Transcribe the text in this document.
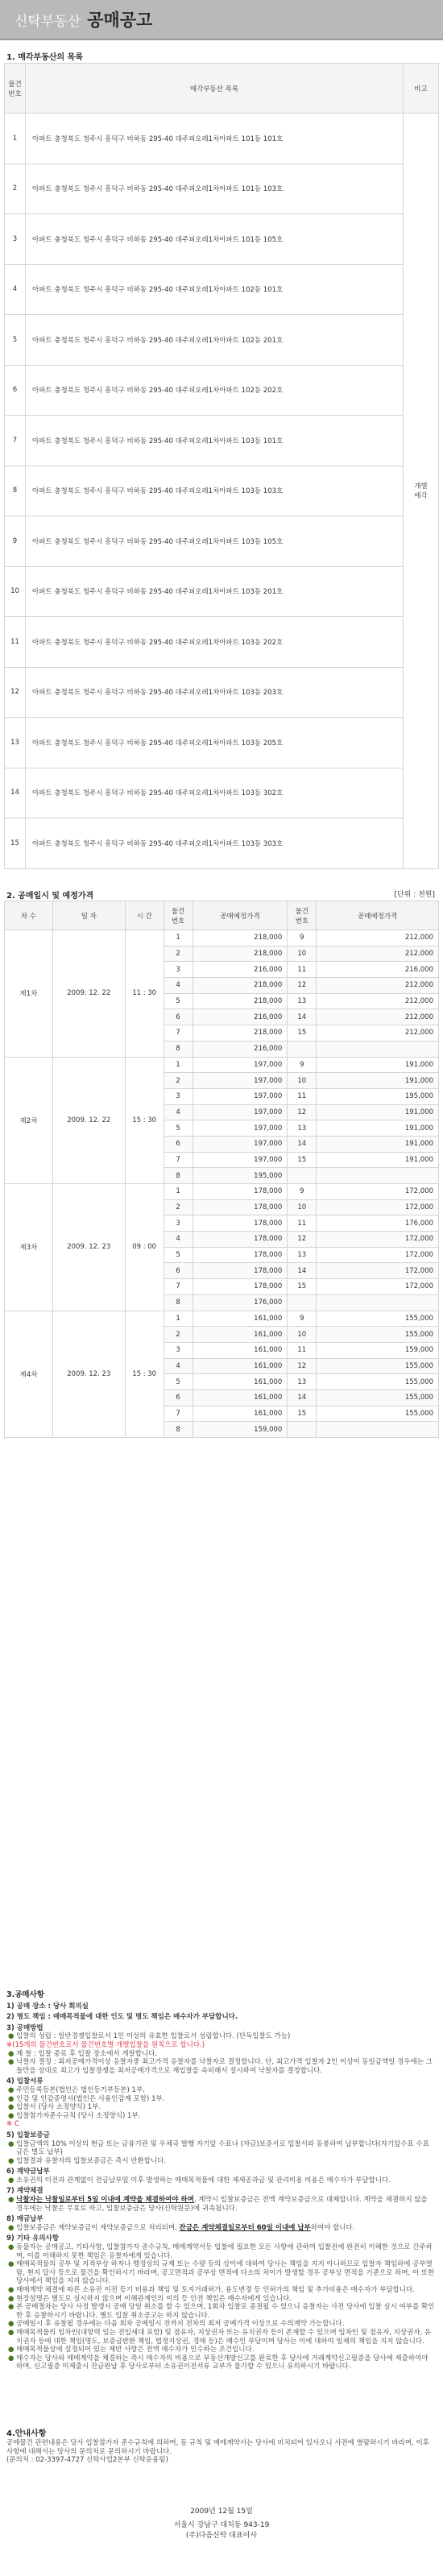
신탁부동산 공매공고
1. 매각부동산의 목록
물건
번호	매각부동산 목록	비고
1	아파트 충청북도 청주시 흥덕구 비하동 295-40 대주피오레1차아파트 101동 101호	개별
매각
2	아파트 충청북도 청주시 흥덕구 비하동 295-40 대주피오레1차아파트 101동 103호	
3	아파트 충청북도 청주시 흥덕구 비하동 295-40 대주피오레1차아파트 101동 105호	
4	아파트 충청북도 청주시 흥덕구 비하동 295-40 대주피오레1차아파트 102동 101호	
5	아파트 충청북도 청주시 흥덕구 비하동 295-40 대주피오레1차아파트 102동 201호	
6	아파트 충청북도 청주시 흥덕구 비하동 295-40 대주피오레1차아파트 102동 202호	
7	아파트 충청북도 청주시 흥덕구 비하동 295-40 대주피오레1차아파트 103동 101호	
8	아파트 충청북도 청주시 흥덕구 비하동 295-40 대주피오레1차아파트 103동 103호	
9	아파트 충청북도 청주시 흥덕구 비하동 295-40 대주피오레1차아파트 103동 105호	
10	아파트 충청북도 청주시 흥덕구 비하동 295-40 대주피오레1차아파트 103동 201호	
11	아파트 충청북도 청주시 흥덕구 비하동 295-40 대주피오레1차아파트 103동 202호	
12	아파트 충청북도 청주시 흥덕구 비하동 295-40 대주피오레1차아파트 103동 203호	
13	아파트 충청북도 청주시 흥덕구 비하동 295-40 대주피오레1차아파트 103동 205호	
14	아파트 충청북도 청주시 흥덕구 비하동 295-40 대주피오레1차아파트 103동 302호	
15	아파트 충청북도 청주시 흥덕구 비하동 295-40 대주피오레1차아파트 103동 303호	
2. 공매일시 및 예정가격	[단위 : 천원]
차 수	일 자	시 간	물건
번호	공매예정가격	물건
번호	공매예정가격
제1차	2009. 12. 22	11 : 30	1	218,000	9	212,000
			2	218,000	10	212,000
			3	216,000	11	216,000
			4	218,000	12	212,000
			5	218,000	13	212,000
			6	216,000	14	212,000
			7	218,000	15	212,000
			8	216,000		
제2차	2009. 12. 22	15 : 30	1	197,000	9	191,000
			2	197,000	10	191,000
			3	197,000	11	195,000
			4	197,000	12	191,000
			5	197,000	13	191,000
			6	197,000	14	191,000
			7	197,000	15	191,000
			8	195,000		
제3차	2009. 12. 23	09 : 00	1	178,000	9	172,000
			2	178,000	10	172,000
			3	178,000	11	176,000
			4	178,000	12	172,000
			5	178,000	13	172,000
			6	178,000	14	172,000
			7	178,000	15	172,000
			8	176,000		
제4차	2009. 12. 23	15 : 30	1	161,000	9	155,000
			2	161,000	10	155,000
			3	161,000	11	159,000
			4	161,000	12	155,000
			5	161,000	13	155,000
			6	161,000	14	155,000
			7	161,000	15	155,000
			8	159,000		
3.공매사항
1) 공매 장소 : 당사 회의실
2) 명도 책임 : 매매목적물에 대한 인도 및 명도 책임은 매수자가 부담합니다.
3) 공매방법
● 입찰의 성립 : 일반경쟁입찰로서 1인 이상의 유효한 입찰로서 성립합니다. (단독입찰도 가능)
※(15개의 물건번호로서 물건번호별 개별입찰을 원칙으로 합니다.)
● 계 찰 : 입찰 종료 후 입찰 장소에서 개찰합니다.
● 낙찰자 결정 : 최저공매가격이상 응찰자중 최고가격 응찰자를 낙찰자로 결정합니다. 단, 최고가격 입찰자 2인 이상이 동일금액일 경우에는 그들만을 상대로 최고가 입찰경쟁을 최저공매가격으로 재입찰을 속히해서 설시하여 낙찰자를 결정합니다.
4) 입찰서류
● 주민등록등본(법인은 법인등기부등본) 1부.
● 인감 및 인감증명서(법인은 사용인감계 포함) 1부.
● 입찰서 (당사 소정양식) 1부.
● 입찰참가자준수규칙 (당사 소정양식) 1부.
※ C
5) 입찰보증금
● 입찰금액의 10% 이상의 현금 또는 금융기관 및 우체국 발행 자기앞 수표나 (자금)보증서로 입찰서와 동봉하여 납부합니다(자기앞수표 수표금은 별도 납부)
● 입찰결과 유찰자의 입찰보증금은 즉시 반환합니다.
6) 계약금납부
● 소유권의 이전과 관계없이 전금납부일 이후 발생하는 매매목적물에 대한 제세공과금 및 관리비용 비용은 매수자가 부담합니다.
7) 계약체결
● 낙찰자는 낙찰일로부터 5일 이내에 계약을 체결하여야 하며, 계약시 입찰보증금은 전액 계약보증금으로 대체합니다. 계약을 체결하지 않을 경우에는 낙찰은 무효로 하고, 입찰보증금은 당사(신탁원문)에 귀속됩니다.
8) 매금납부
● 입찰보증금은 계약보증금이 계약보증금으로 처리되며, 잔금은 계약체결일로부터 60일 이내에 납부하여야 합니다.
9) 기타 유의사항
● 동물자는 공매공고, 기타사항, 입찰참가자 준수규칙, 매매계약서등 입찰에 필요한 모든 사항에 관하여 입찰전에 완전히 이해한 것으로 간주하며, 이를 이해하지 못한 책임은 응찰자에게 있습니다.
● 매매목적물의 공부 및 지적부상 하자나 행정상의 규제 또는 수량 등의 상이에 대하여 당사는 책임을 지지 아니하므로 입찰자 책임하에 공부열람, 현지 답사 등으로 물건을 확인하시기 바라며, 공고면적과 공부상 면적에 다소의 차이가 발생할 경우 공부상 면적을 기준으로 하며, 이 또한 당사에서 책임을 지지 않습니다.
● 매매계약 체결에 따른 소유권 이전 등기 비용과 책임 및 토지거래허가, 용도변경 등 인허가의 책임 및 추가비용은 매수자가 부담합니다.
● 현장설명은 별도로 실시하지 않으며 이해관계인의 이의 등 안전 책임은 매수자에게 있습니다.
● 본 공매절차는 당사 사정 발생시 공매 당일 취소를 할 수 있으며, 1회차 입찰로 종결될 수 있으니 응찰자는 사전 당사에 입찰 실시 여부를 확인한 후 응찰하시기 바랍니다. 별도 입찰 취소공고는 하지 않습니다.
● 공매일시 후 유찰될 경우에는 다음 회차 공매일시 전까지 전차의 최저 공매가격 이상으로 수의계약 가능합니다.
● 매매목적물의 임차인(대항력 있는 전입세대 포함) 및 점유자, 지상권자 또는 유치권자 등이 존재할 수 있으며 임차인 및 점유자, 지상권자, 유치권자 등에 대한 책임(명도, 보증금반환 책임, 법정지상권, 경매 등)은 매수인 부담이며 당사는 이에 대하여 일체의 책임을 지지 않습니다.
● 매매목적물상에 설정되어 있는 제반 사항은 전액 매수자가 인수하는 조건입니다.
● 매수자는 당사와 매매계약을 체결하는 즉시 매수자의 비용으로 부동산개발신고를 완료한 후 당사에 거래계약신고필증을 당사에 제출하여야 하며, 신고필증 미제출시 잔금완납 후 당사로부터 소유권이전서류 교부가 불가할 수 있으니 유의하시기 바랍니다.
4.안내사항
공매물건 관련내용은 당사 입찰참가자 준수규칙에 의하며, 동 규칙 및 매매계약서는 당사에 비치되어 있사오니 사전에 열람하시기 바라며, 이후 사항에 대해서는 당사의 문의처로 문의하시기 바랍니다.
(문의처 : 02-3397-4727 신탁사업2본부 신탁운용팀)
2009년 12월 15일
서울시 강남구 대치동 943-19
(주)다음신탁 대표이사
